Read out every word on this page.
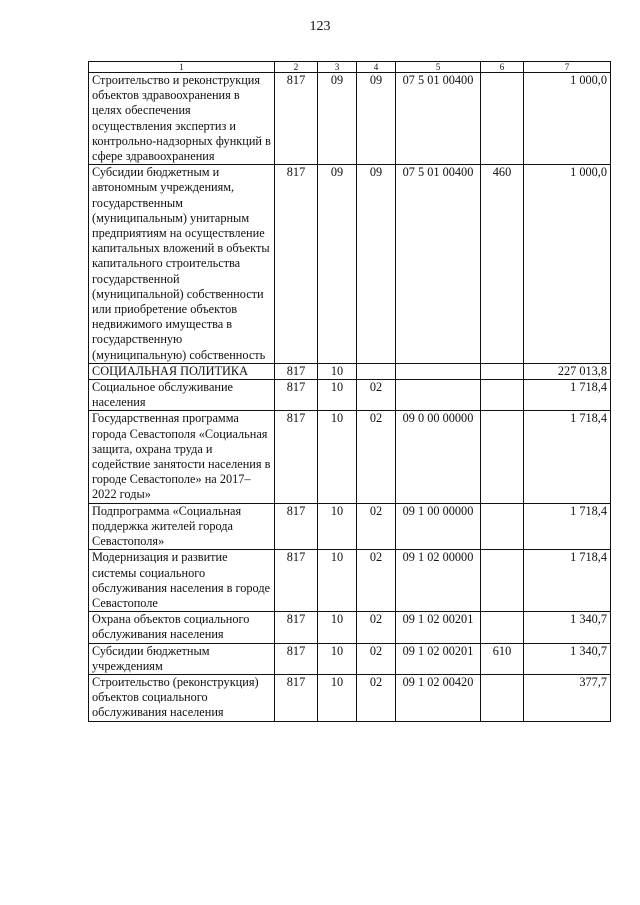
123
1	2	3	4	5	6	7
Строительство и реконструкция объектов здравоохранения в целях обеспечения осуществления экспертиз и контрольно-надзорных функций в сфере здравоохранения	817	09	09	07 5 01 00400		1 000,0
Субсидии бюджетным и автономным учреждениям, государственным (муниципальным) унитарным предприятиям на осуществление капитальных вложений в объекты капитального строительства государственной (муниципальной) собственности или приобретение объектов недвижимого имущества в государственную (муниципальную) собственность	817	09	09	07 5 01 00400	460	1 000,0
СОЦИАЛЬНАЯ ПОЛИТИКА	817	10				227 013,8
Социальное обслуживание населения	817	10	02			1 718,4
Государственная программа города Севастополя «Социальная защита, охрана труда и содействие занятости населения в городе Севастополе» на 2017–2022 годы»	817	10	02	09 0 00 00000		1 718,4
Подпрограмма «Социальная поддержка жителей города Севастополя»	817	10	02	09 1 00 00000		1 718,4
Модернизация и развитие системы социального обслуживания населения в городе Севастополе	817	10	02	09 1 02 00000		1 718,4
Охрана объектов социального обслуживания населения	817	10	02	09 1 02 00201		1 340,7
Субсидии бюджетным учреждениям	817	10	02	09 1 02 00201	610	1 340,7
Строительство (реконструкция) объектов социального обслуживания населения	817	10	02	09 1 02 00420		377,7
